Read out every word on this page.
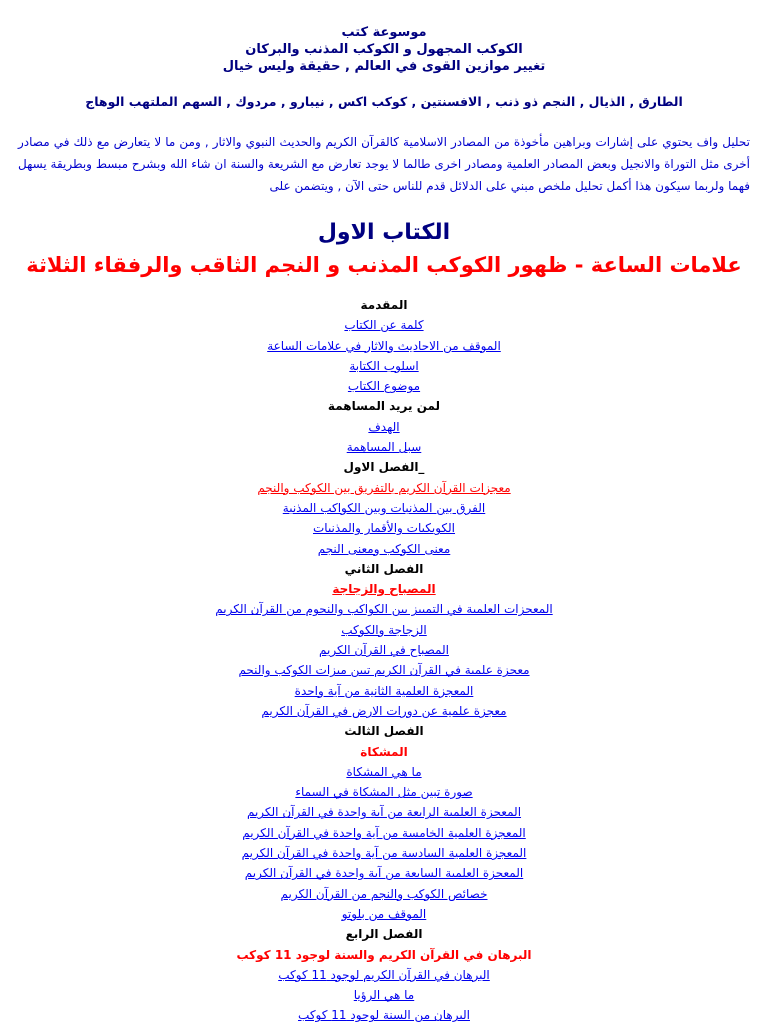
موسوعة كتب
الكوكب المجهول و الكوكب المذنب والبركان
تغيير موازين القوى في العالم , حقيقة وليس خيال
الطارق , الذيال , النجم ذو ذنب , الافسنتين , كوكب اكس , نيبارو , مردوك , السهم الملتهب الوهاج
تحليل واف يحتوي على إشارات وبراهين مأخوذة من المصادر الاسلامية كالقرآن الكريم والحديث النبوي والاثار , ومن ما لا يتعارض مع ذلك في مصادر أخرى مثل التوراة والانجيل وبعض المصادر العلمية ومصادر اخرى طالما لا يوجد تعارض مع الشريعة والسنة ان شاء الله وبشرح مبسط وبطريقة يسهل فهما ولربما سيكون هذا أكمل تحليل ملخص مبني على الدلائل قدم للناس حتى الآن , ويتضمن على
الكتاب الاول
علامات الساعة - ظهور الكوكب المذنب و النجم الثاقب والرفقاء الثلاثة
المقدمة
كلمة عن الكتاب
الموقف من الاحاديث والاثار في علامات الساعة
اسلوب الكتابة
موضوع الكتاب
لمن يريد المساهمة
الهدف
سبل المساهمة
_الفصل الاول
معجزات القرآن الكريم بالتفريق بين الكوكب والنجم
الفرق بين المذنبات وبين الكواكب المذنبة
الكويكبات والأقمار والمذنبات
معنى الكوكب ومعنى النجم
الفصل الثاني
المصباح والزجاجة
المعجزات العلمية في التمييز بين الكواكب والنجوم من القرآن الكريم
الزجاجة والكوكب
المصباح في القرآن الكريم
معجزة علمية في القرآن الكريم تبين ميزات الكوكب والنجم
المعجزة العلمية الثانية من آية واحدة
معجزة علمية عن دورات الارض في القرآن الكريم
الفصل الثالث
المشكاة
ما هي المشكاة
صورة تبين مثل المشكاة في السماء
المعجزة العلمية الرابعة من آية واحدة في القرآن الكريم
المعجزة العلمية الخامسة من آية واحدة في القرآن الكريم
المعجزة العلمية السادسة من آية واحدة في القرآن الكريم
المعجزة العلمية السابعة من آية واحدة في القرآن الكريم
خصائص الكوكب والنجم من القرآن الكريم
الموقف من بلوتو
الفصل الرابع
البرهان في القرآن الكريم والسنة لوجود 11 كوكب
البرهان في القرآن الكريم لوجود 11 كوكب
ما هي الرؤيا
البرهان من السنة لوجود 11 كوكب
